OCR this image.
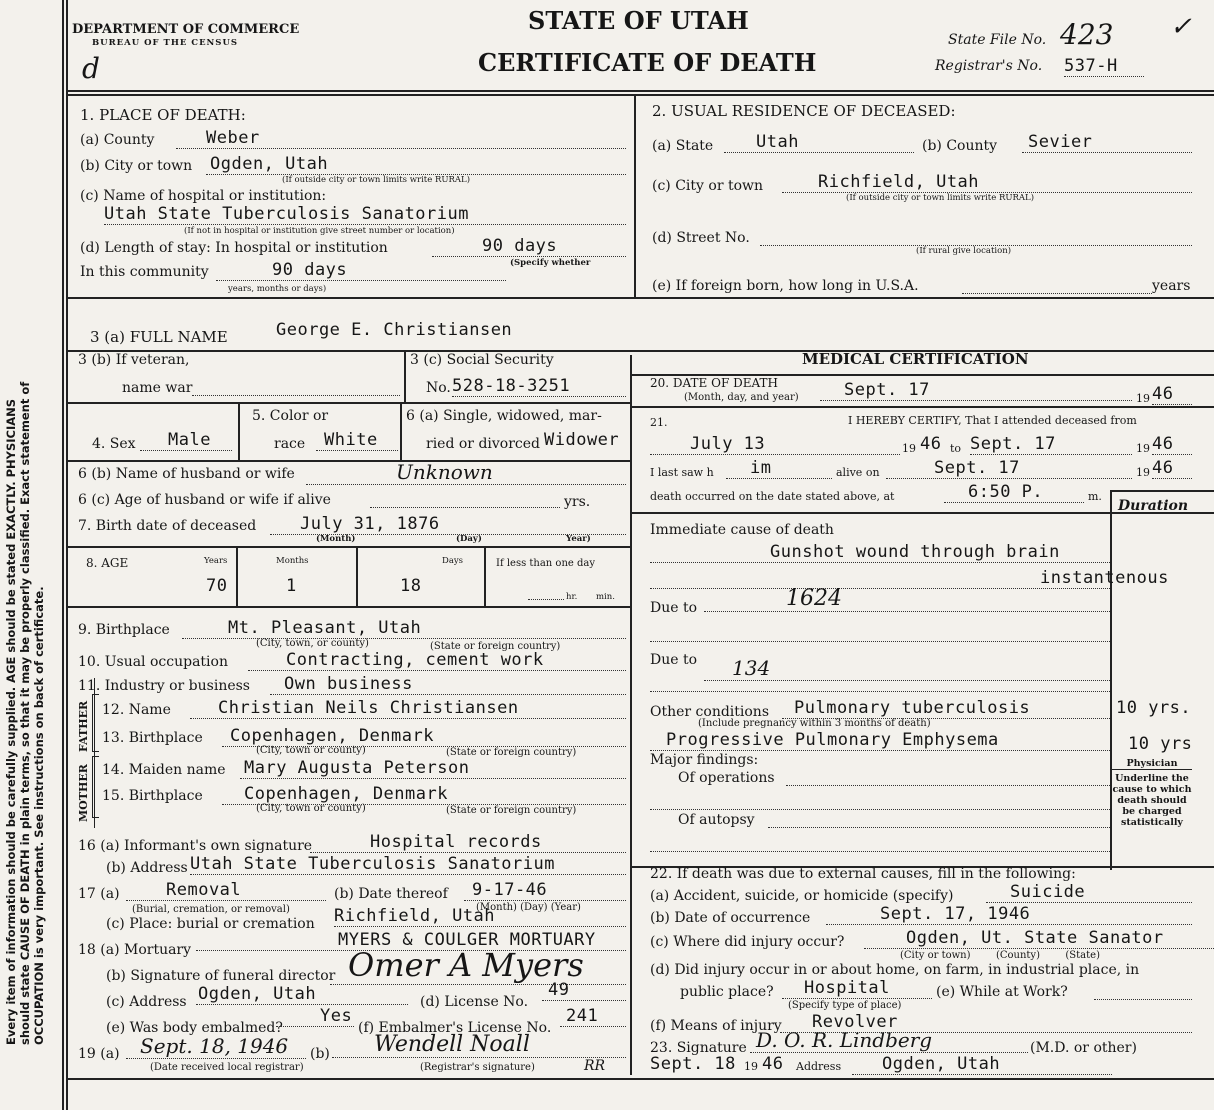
Every item of information should be carefully supplied. AGE should be stated EXACTLY. PHYSICIANS should state CAUSE OF DEATH in plain terms, so that it may be properly classified. Exact statement of OCCUPATION is very important. See instructions on back of certificate.
DEPARTMENT OF COMMERCE
BUREAU OF THE CENSUS
d
STATE OF UTAH
CERTIFICATE OF DEATH
State File No. 423 ✓
Registrar's No. 537-H
1. PLACE OF DEATH:
(a) County	Weber
(b) City or town Ogden, Utah
(If outside city or town limits write RURAL)
(c) Name of hospital or institution:
Utah State Tuberculosis Sanatorium
(If not in hospital or institution give street number or location)
(d) Length of stay: In hospital or institution	90 days
(Specify whether
In this community	90 days
years, months or days)
2. USUAL RESIDENCE OF DECEASED:
(a) State	Utah	(b) County	Sevier
(c) City or town	Richfield, Utah
(If outside city or town limits write RURAL)
(d) Street No.
(If rural give location)
(e) If foreign born, how long in U.S.A.	years
3 (a) FULL NAME	George E. Christiansen
3 (b) If veteran,
name war
3 (c) Social Security
No. 528-18-3251
4. Sex	Male
5. Color or
race	White
6 (a) Single, widowed, mar-
ried or divorced Widower
6 (b) Name of husband or wife	Unknown
6 (c) Age of husband or wife if alive	yrs.
7. Birth date of deceased	July 31, 1876
(Month)	(Day)	Year)
8. AGE	Years	Months	Days	If less than one day
70	1	18
hr. min.
9. Birthplace	Mt. Pleasant, Utah
(City, town, or county)	(State or foreign country)
10. Usual occupation	Contracting, cement work
11. Industry or business	Own business
FATHER
MOTHER
12. Name	Christian Neils Christiansen
13. Birthplace	Copenhagen, Denmark
(City, town or county)	(State or foreign country)
14. Maiden name Mary Augusta Peterson
15. Birthplace	Copenhagen, Denmark
(City, town or county)	(State or foreign country)
16 (a) Informant's own signature	Hospital records
(b) Address Utah State Tuberculosis Sanatorium
17 (a)	Removal
(Burial, cremation, or removal)
(b) Date thereof	9-17-46
(Month) (Day) (Year)
(c) Place: burial or cremation Richfield, Utah
18 (a) Mortuary	MYERS & COULGER MORTUARY
(b) Signature of funeral director Omer A Myers
(c) Address Ogden, Utah	(d) License No.
49
(e) Was body embalmed?
Yes
(f) Embalmer's License No.
241
19 (a)	Sept. 18, 1946
(Date received local registrar)
(b)	Wendell Noall
(Registrar's signature)	RR
MEDICAL CERTIFICATION
20. DATE OF DEATH
(Month, day, and year)	Sept. 17	19 46
21.	I HEREBY CERTIFY, That I attended deceased from
July 13	19 46 to Sept. 17	19 46
I last saw h	im	alive on	Sept. 17	19 46
death occurred on the date stated above, at	6:50 P.	m.
Duration
Immediate cause of death
Gunshot wound through brain
instantenous
Due to	1624
Due to	134
Other conditions	Pulmonary tuberculosis	10 yrs.
(Include pregnancy within 3 months of death)
Progressive Pulmonary Emphysema	10 yrs
Major findings:
Of operations
Of autopsy
Physician
Underline the cause to which death should be charged statistically
22. If death was due to external causes, fill in the following:
(a) Accident, suicide, or homicide (specify)	Suicide
(b) Date of occurrence	Sept. 17, 1946
(c) Where did injury occur?	Ogden, Ut. State Sanator
(City or town)        (County)        (State)
(d) Did injury occur in or about home, on farm, in industrial place, in
public place?	Hospital	(e) While at Work?
(Specify type of place)
(f) Means of injury	Revolver
23. Signature D. O. R. Lindberg	(M.D. or other)
Sept. 18 19 46 Address	Ogden, Utah
